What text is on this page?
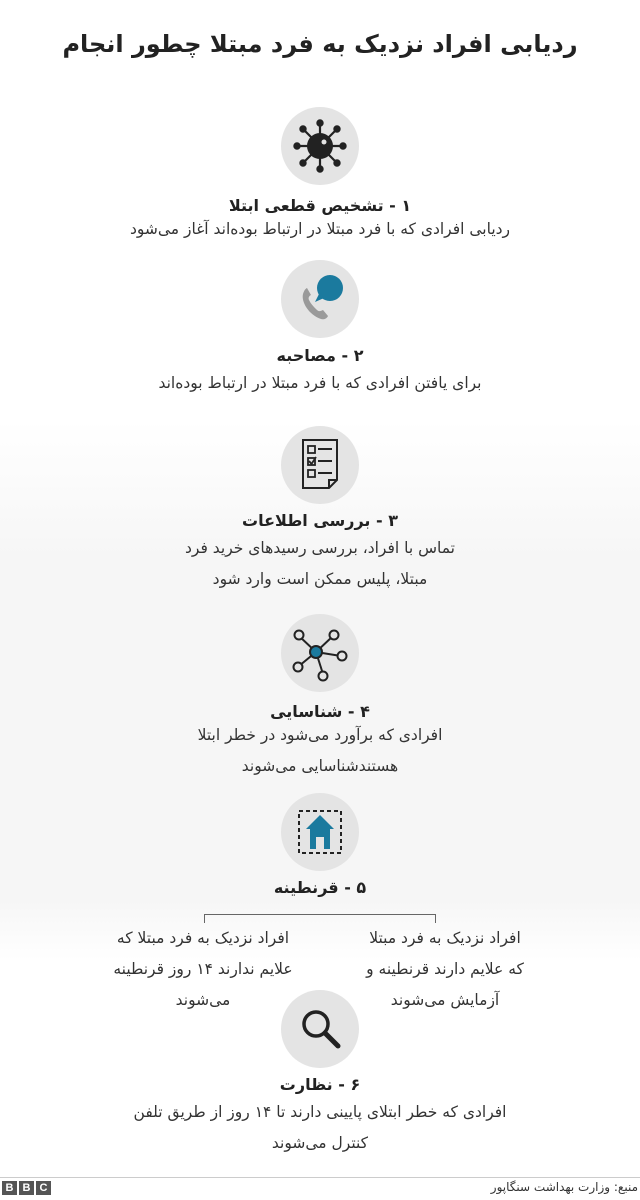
ردیابی افراد نزدیک به فرد مبتلا چطور انجام
۱ - تشخیص قطعی ابتلا
ردیابی افرادی که با فرد مبتلا در ارتباط بوده‌اند آغاز می‌شود
۲ - مصاحبه
برای یافتن افرادی که با فرد مبتلا در ارتباط بوده‌اند
۳ - بررسی اطلاعات
تماس با افراد، بررسی رسیدهای خرید فرد
مبتلا، پلیس ممکن است وارد شود
۴ - شناسایی
افرادی که برآورد می‌شود در خطر ابتلا
هستندشناسایی می‌شوند
۵ - قرنطینه
افراد نزدیک به فرد مبتلا
که علایم دارند قرنطینه و
آزمایش می‌شوند
افراد نزدیک به فرد مبتلا که
علایم ندارند ۱۴ روز قرنطینه
می‌شوند
۶ - نظارت
افرادی که خطر ابتلای پایینی دارند تا ۱۴ روز از طریق تلفن
کنترل می‌شوند
منبع: وزارت بهداشت سنگاپور
B B C
